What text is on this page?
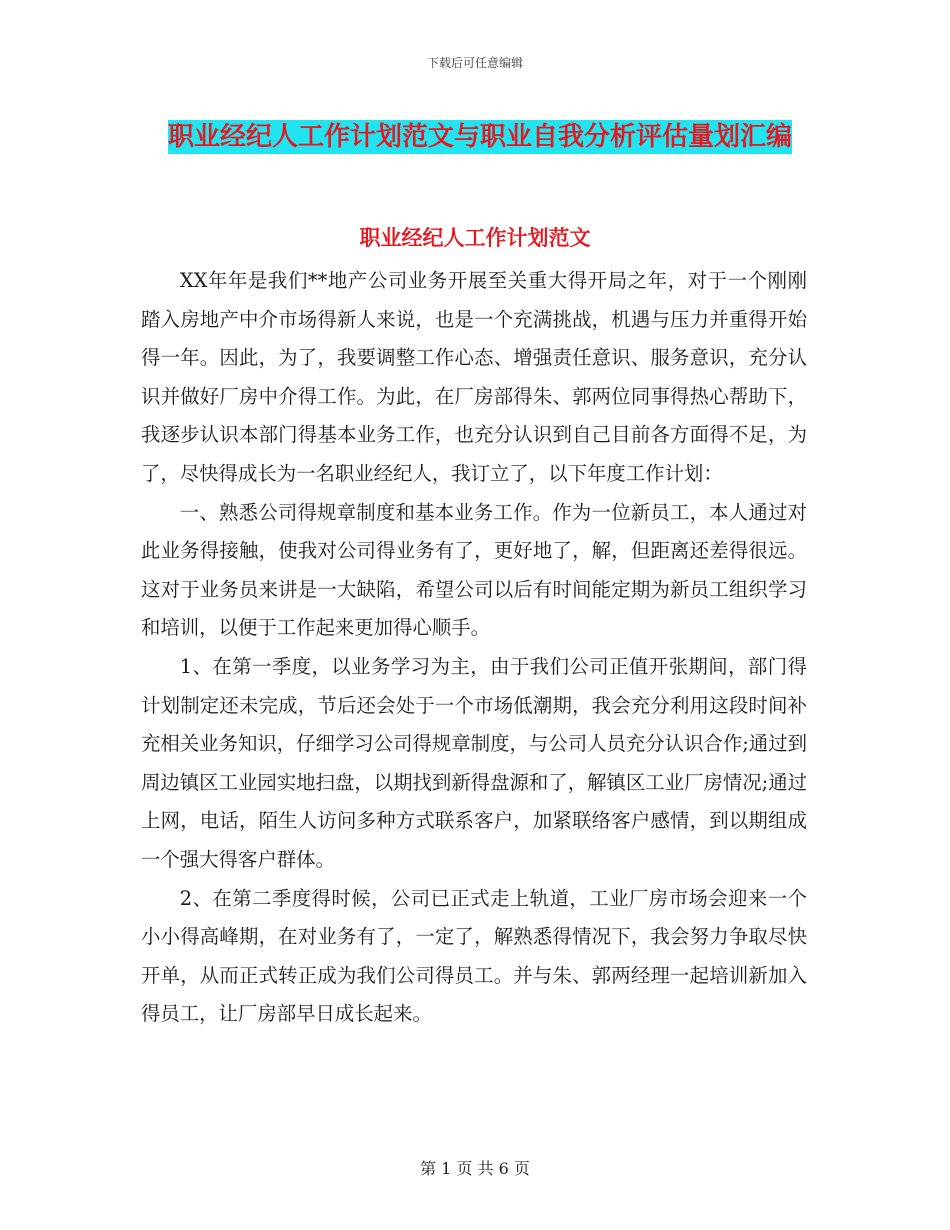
下载后可任意编辑
职业经纪人工作计划范文与职业自我分析评估量划汇编
职业经纪人工作计划范文

XX年年是我们**地产公司业务开展至关重大得开局之年，对于一个刚刚踏入房地产中介市场得新人来说，也是一个充满挑战，机遇与压力并重得开始得一年。因此，为了，我要调整工作心态、增强责任意识、服务意识，充分认识并做好厂房中介得工作。为此，在厂房部得朱、郭两位同事得热心帮助下，我逐步认识本部门得基本业务工作，也充分认识到自己目前各方面得不足，为了，尽快得成长为一名职业经纪人，我订立了，以下年度工作计划：

一、熟悉公司得规章制度和基本业务工作。作为一位新员工，本人通过对此业务得接触，使我对公司得业务有了，更好地了，解，但距离还差得很远。这对于业务员来讲是一大缺陷，希望公司以后有时间能定期为新员工组织学习和培训，以便于工作起来更加得心顺手。

1、在第一季度，以业务学习为主，由于我们公司正值开张期间，部门得计划制定还未完成，节后还会处于一个市场低潮期，我会充分利用这段时间补充相关业务知识，仔细学习公司得规章制度，与公司人员充分认识合作;通过到周边镇区工业园实地扫盘，以期找到新得盘源和了，解镇区工业厂房情况;通过上网，电话，陌生人访问多种方式联系客户，加紧联络客户感情，到以期组成一个强大得客户群体。

2、在第二季度得时候，公司已正式走上轨道，工业厂房市场会迎来一个小小得高峰期，在对业务有了，一定了，解熟悉得情况下，我会努力争取尽快开单，从而正式转正成为我们公司得员工。并与朱、郭两经理一起培训新加入得员工，让厂房部早日成长起来。

第 1 页 共 6 页
